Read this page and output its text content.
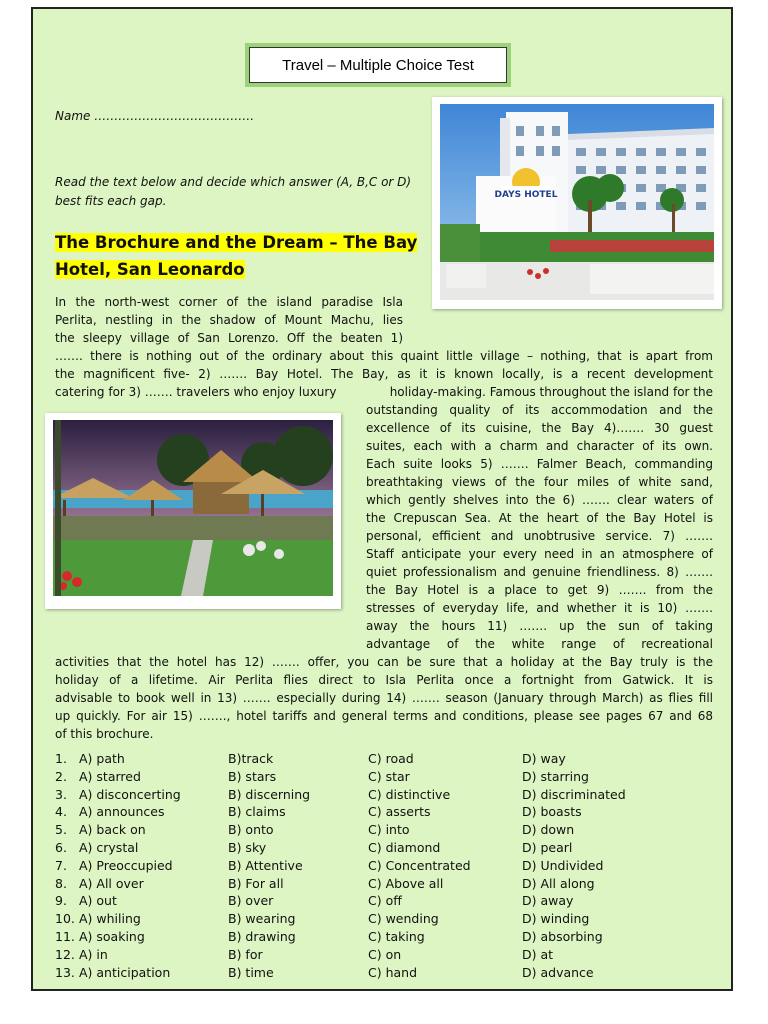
Travel – Multiple Choice Test
Name ………………………………….
Read the text below and decide which answer (A, B,C or D) best fits each gap.
The Brochure and the Dream – The Bay Hotel, San Leonardo
DAYS HOTEL

In the north-west corner of the island paradise Isla

Perlita, nestling in the shadow of Mount Machu, lies

the sleepy village of San Lorenzo. Off the beaten 1)

……. there is nothing out of the ordinary about this quaint little village – nothing, that is apart from

the magnificent five- 2) ……. Bay Hotel. The Bay, as it is known locally, is a recent development

catering for 3) ……. travelers who enjoy luxury	holiday-making. Famous throughout the island for the

outstanding quality of its accommodation and the

excellence of its cuisine, the Bay 4)……. 30 guest

suites, each with a charm and character of its own.

Each suite looks 5) ……. Falmer Beach, commanding

breathtaking views of the four miles of white sand,

which gently shelves into the 6) ……. clear waters of

the Crepuscan Sea. At the heart of the Bay Hotel is

personal, efficient and unobtrusive service. 7) …….

Staff anticipate your every need in an atmosphere of

quiet professionalism and genuine friendliness. 8) …….

the Bay Hotel is a place to get 9) ……. from the

stresses of everyday life, and whether it is 10) …….

away the hours 11) ……. up the sun of taking

advantage of the white range of recreational

activities that the hotel has 12) ……. offer, you can be sure that a holiday at the Bay truly is the

holiday of a lifetime. Air Perlita flies direct to Isla Perlita once a fortnight from Gatwick. It is

advisable to book well in 13) ……. especially during 14) ……. season (January through March) as flies fill

up quickly. For air 15) ……., hotel tariffs and general terms and conditions, please see pages 67 and 68

of this brochure.

1. A) path	B)track	C) road	D) way
2. A) starred	B) stars	C) star	D) starring
3. A) disconcerting	B) discerning	C) distinctive	D) discriminated
4. A) announces	B) claims	C) asserts	D) boasts
5. A) back on	B) onto	C) into	D) down
6. A) crystal	B) sky	C) diamond	D) pearl
7. A) Preoccupied	B) Attentive	C) Concentrated	D) Undivided
8. A) All over	B) For all	C) Above all	D) All along
9. A) out	B) over	C) off	D) away
10. A) whiling	B) wearing	C) wending	D) winding
11. A) soaking	B) drawing	C) taking	D) absorbing
12. A) in	B) for	C) on	D) at
13. A) anticipation	B) time	C) hand	D) advance
